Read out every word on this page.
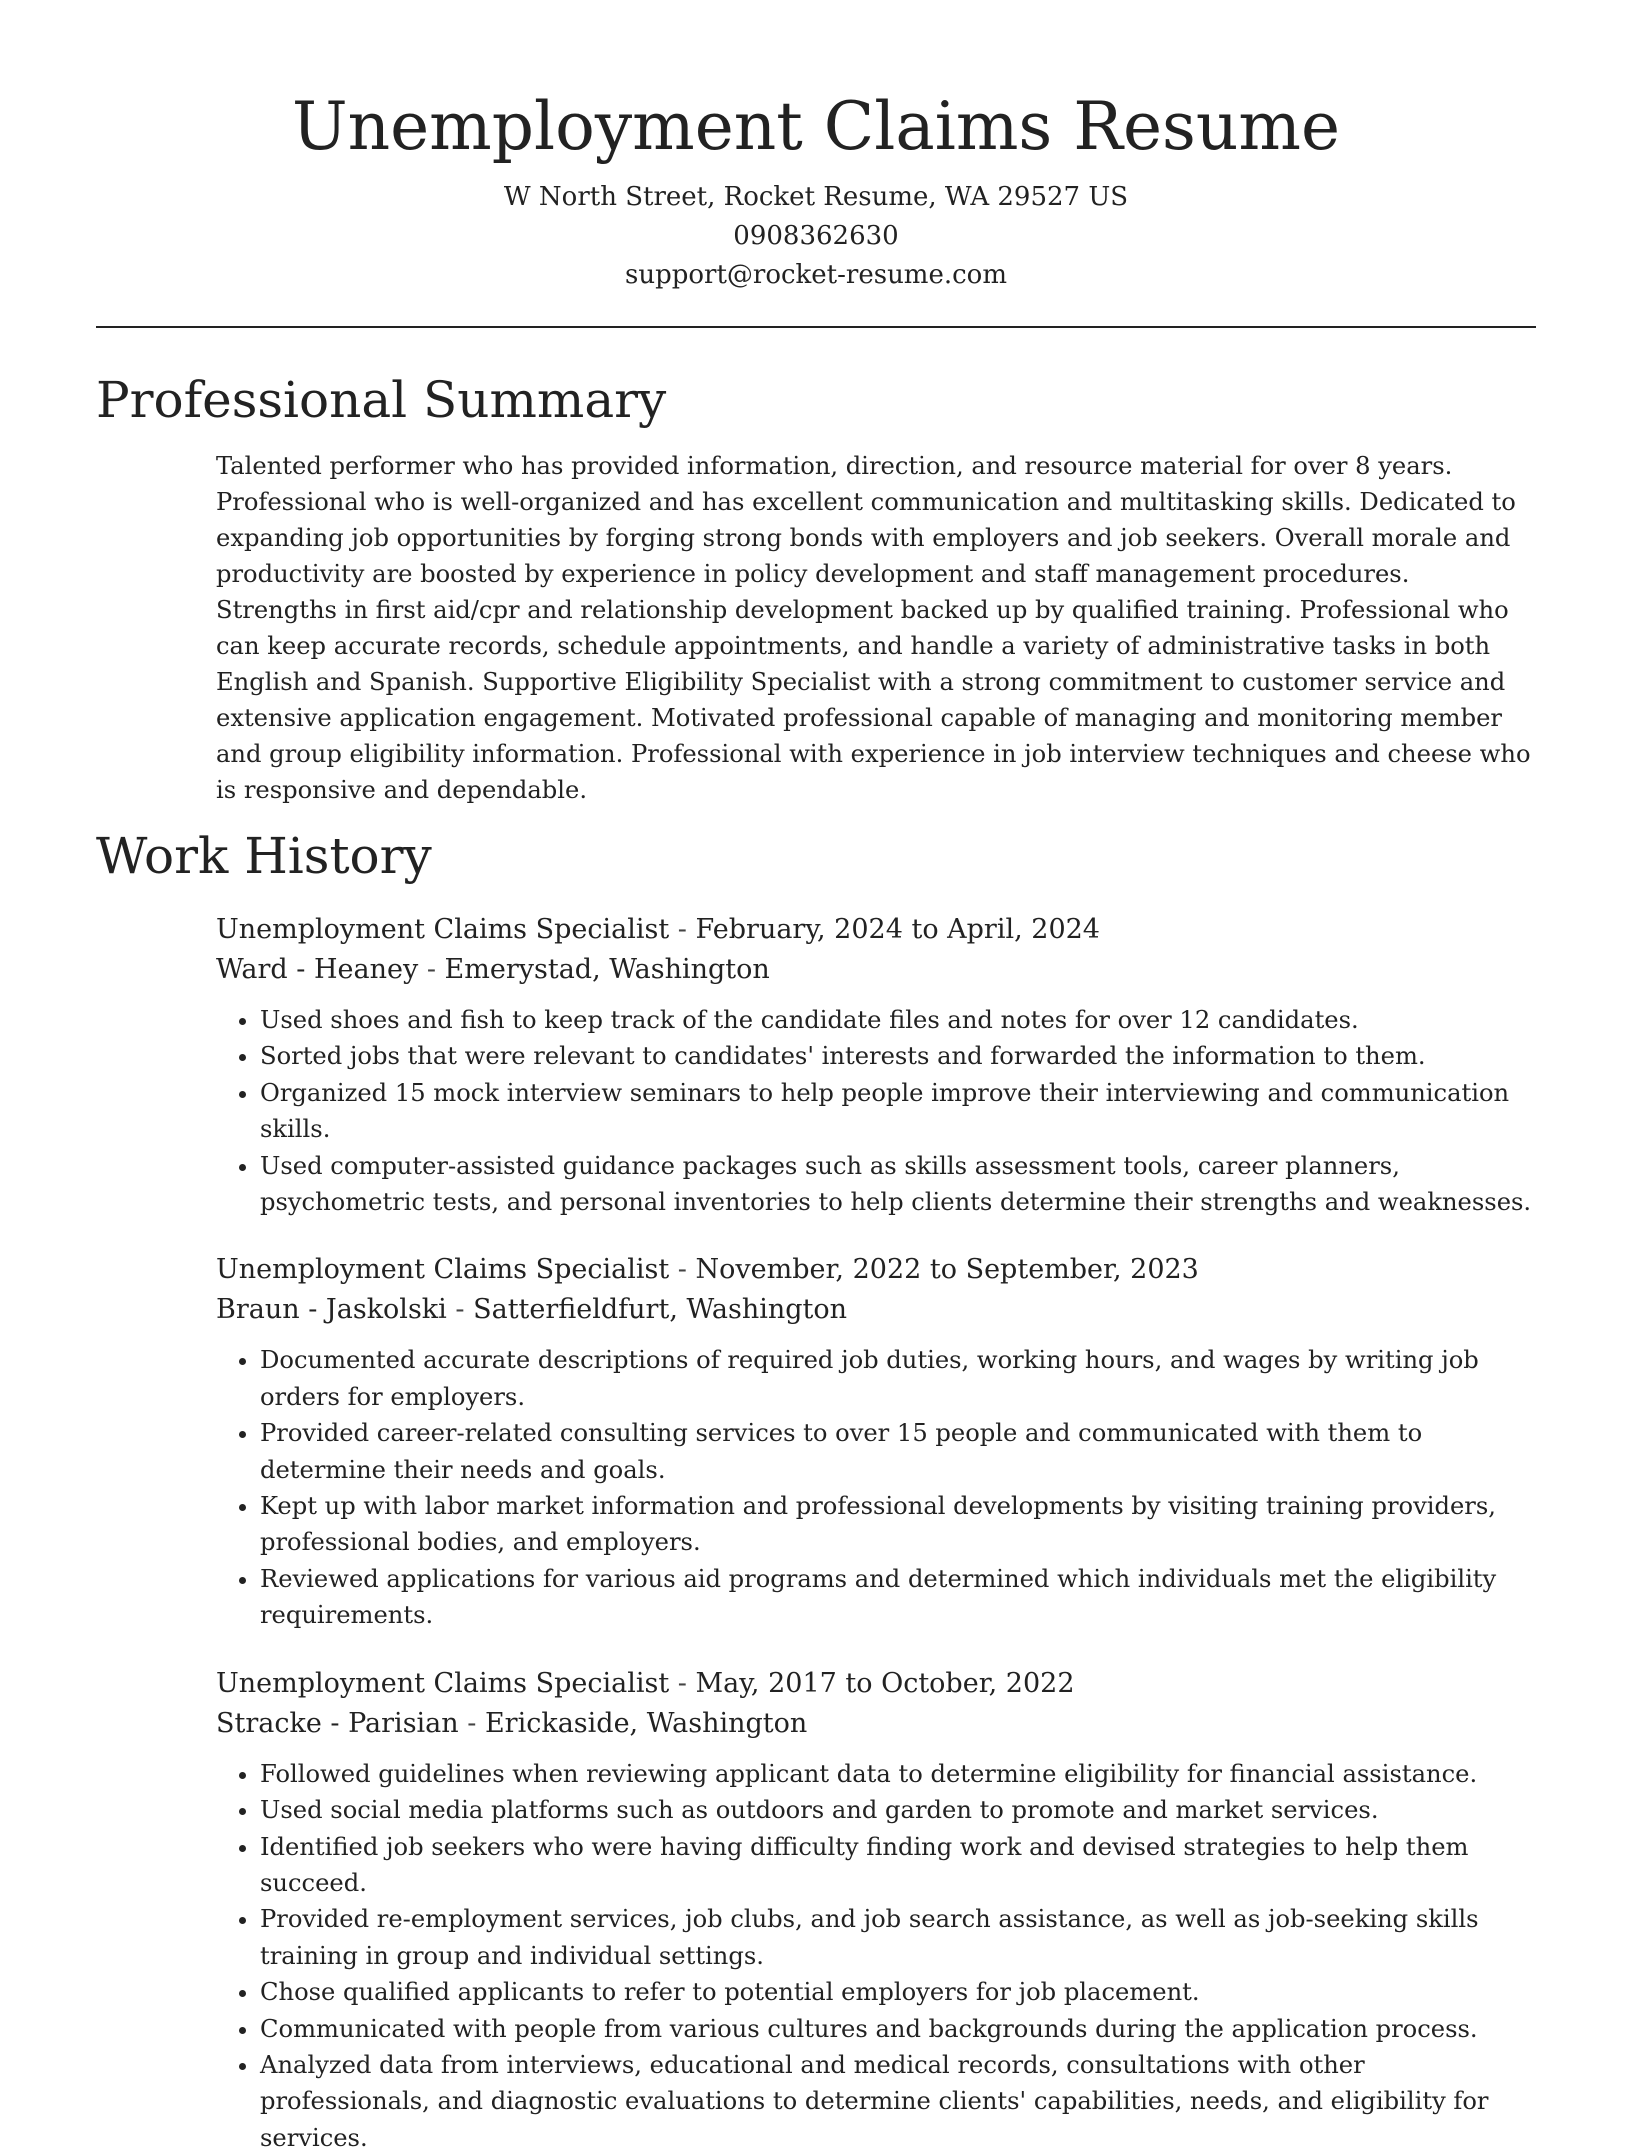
Unemployment Claims Resume
W North Street, Rocket Resume, WA 29527 US
0908362630
support@rocket-resume.com
Professional Summary
Talented performer who has provided information, direction, and resource material for over 8 years. Professional who is well-organized and has excellent communication and multitasking skills. Dedicated to expanding job opportunities by forging strong bonds with employers and job seekers. Overall morale and productivity are boosted by experience in policy development and staff management procedures. Strengths in first aid/cpr and relationship development backed up by qualified training. Professional who can keep accurate records, schedule appointments, and handle a variety of administrative tasks in both English and Spanish. Supportive Eligibility Specialist with a strong commitment to customer service and extensive application engagement. Motivated professional capable of managing and monitoring member and group eligibility information. Professional with experience in job interview techniques and cheese who is responsive and dependable.
Work History
Unemployment Claims Specialist - February, 2024 to April, 2024
Ward - Heaney - Emerystad, Washington
• Used shoes and fish to keep track of the candidate files and notes for over 12 candidates.
• Sorted jobs that were relevant to candidates' interests and forwarded the information to them.
• Organized 15 mock interview seminars to help people improve their interviewing and communication skills.
• Used computer-assisted guidance packages such as skills assessment tools, career planners, psychometric tests, and personal inventories to help clients determine their strengths and weaknesses.
Unemployment Claims Specialist - November, 2022 to September, 2023
Braun - Jaskolski - Satterfieldfurt, Washington
• Documented accurate descriptions of required job duties, working hours, and wages by writing job orders for employers.
• Provided career-related consulting services to over 15 people and communicated with them to determine their needs and goals.
• Kept up with labor market information and professional developments by visiting training providers, professional bodies, and employers.
• Reviewed applications for various aid programs and determined which individuals met the eligibility requirements.
Unemployment Claims Specialist - May, 2017 to October, 2022
Stracke - Parisian - Erickaside, Washington
• Followed guidelines when reviewing applicant data to determine eligibility for financial assistance.
• Used social media platforms such as outdoors and garden to promote and market services.
• Identified job seekers who were having difficulty finding work and devised strategies to help them succeed.
• Provided re-employment services, job clubs, and job search assistance, as well as job-seeking skills training in group and individual settings.
• Chose qualified applicants to refer to potential employers for job placement.
• Communicated with people from various cultures and backgrounds during the application process.
• Analyzed data from interviews, educational and medical records, consultations with other professionals, and diagnostic evaluations to determine clients' capabilities, needs, and eligibility for services.
